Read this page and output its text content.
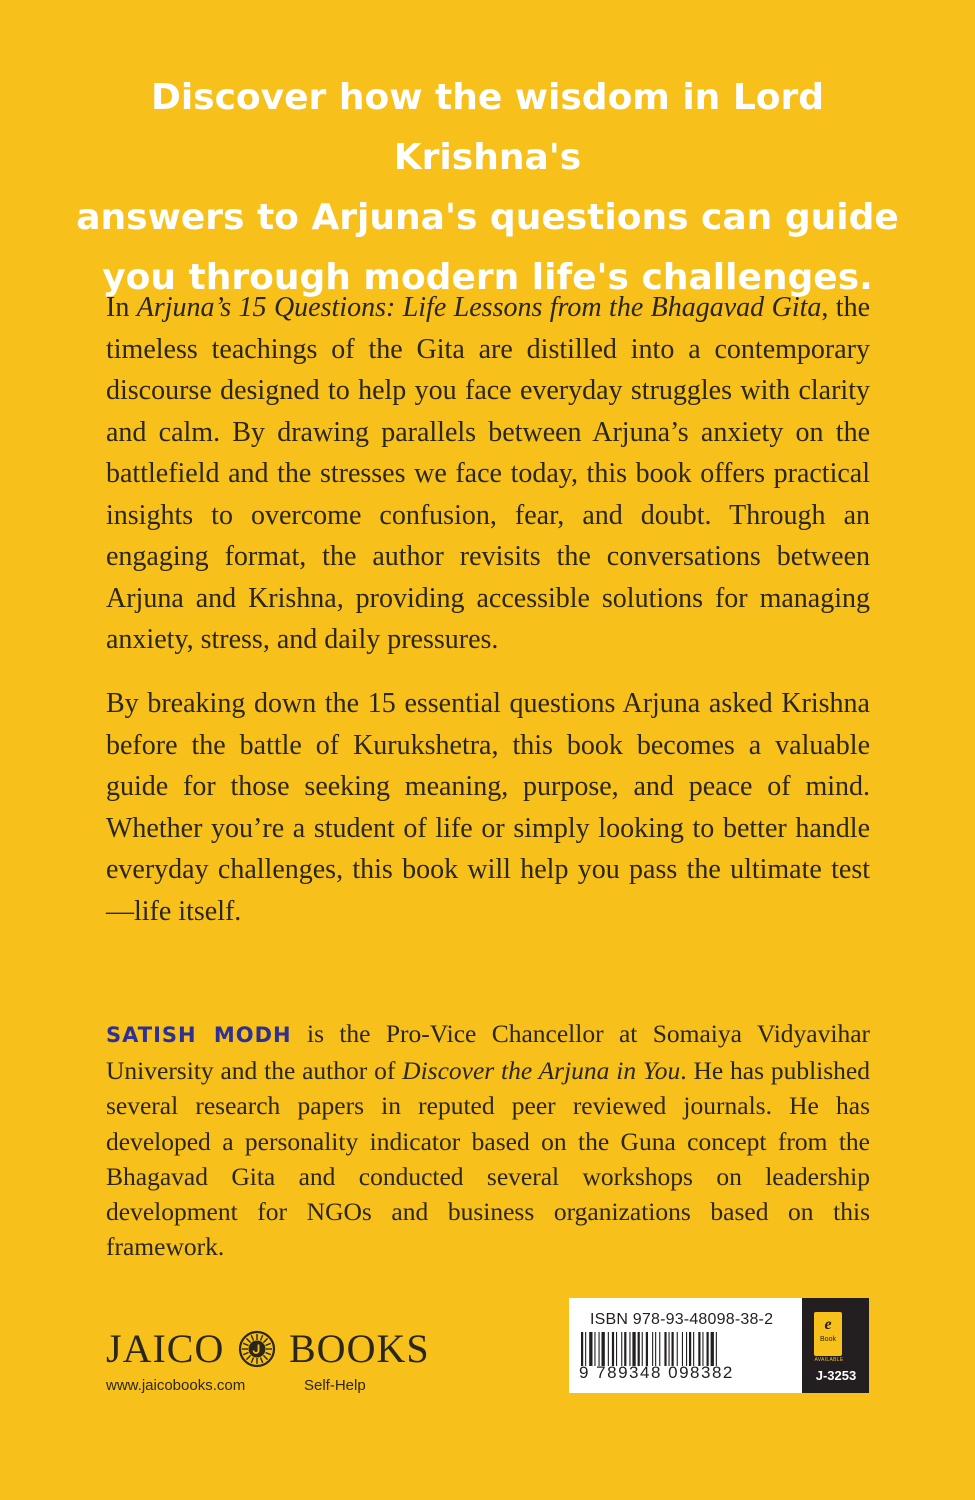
Discover how the wisdom in Lord Krishna's
answers to Arjuna's questions can guide
you through modern life's challenges.

In Arjuna’s 15 Questions: Life Lessons from the Bhagavad Gita, the timeless teachings of the Gita are distilled into a contemporary discourse designed to help you face everyday struggles with clarity and calm. By drawing parallels between Arjuna’s anxiety on the battlefield and the stresses we face today, this book offers practical insights to overcome confusion, fear, and doubt. Through an engaging format, the author revisits the conversations between Arjuna and Krishna, providing accessible solutions for managing anxiety, stress, and daily pressures.

By breaking down the 15 essential questions Arjuna asked Krishna before the battle of Kurukshetra, this book becomes a valuable guide for those seeking meaning, purpose, and peace of mind. Whether you’re a student of life or simply looking to better handle everyday challenges, this book will help you pass the ultimate test—life itself.

SATISH MODH is the Pro-Vice Chancellor at Somaiya Vidyavihar University and the author of Discover the Arjuna in You. He has published several research papers in reputed peer reviewed journals. He has developed a personality indicator based on the Guna concept from the Bhagavad Gita and conducted several workshops on leadership development for NGOs and business organizations based on this framework.
JAICO BOOKS
www.jaicobooks.com	Self-Help
ISBN 978-93-48098-38-2
9 789348 098382
e
Book
AVAILABLE
J-3253
